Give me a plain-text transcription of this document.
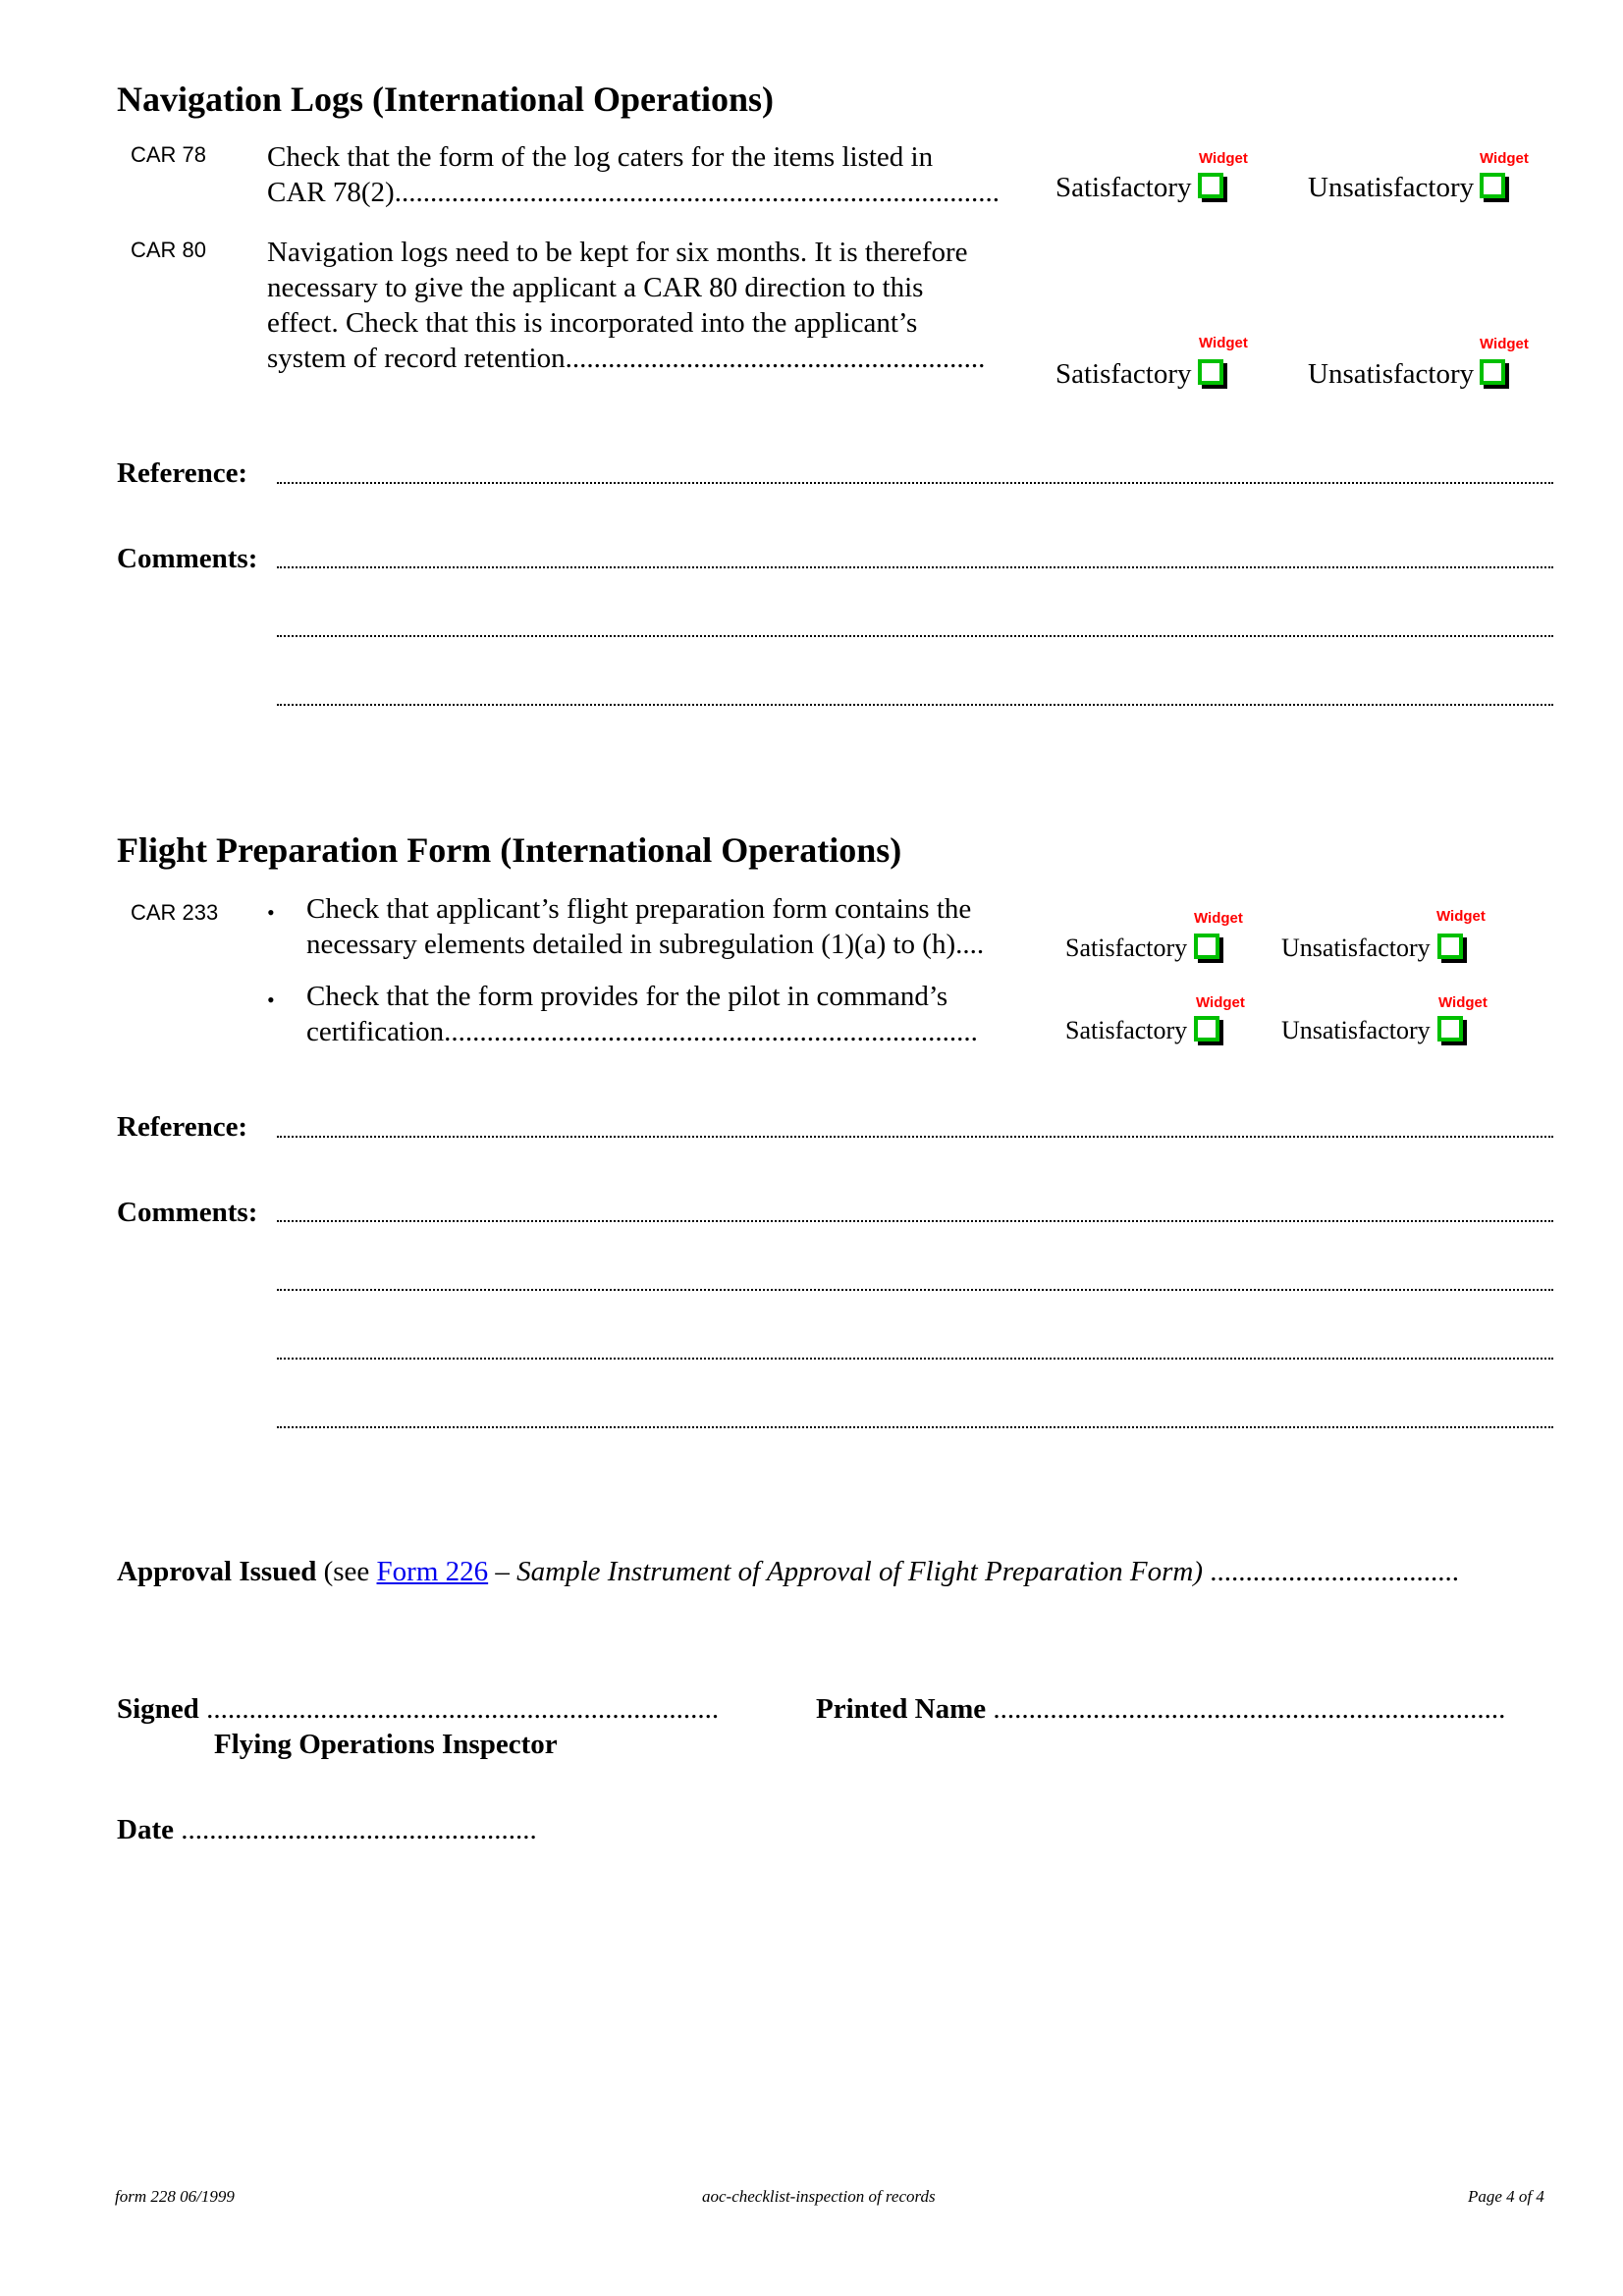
Navigation Logs (International Operations)
CAR 78 Check that the form of the log caters for the items listed in
CAR 78(2).....................................................................................
CAR 80 Navigation logs need to be kept for six months. It is therefore
necessary to give the applicant a CAR 80 direction to this
effect. Check that this is incorporated into the applicant’s
system of record retention...........................................................
Satisfactory
Widget
Unsatisfactory
Widget
Satisfactory
Widget
Unsatisfactory
Widget
Reference:
Comments:
Flight Preparation Form (International Operations)
CAR 233 • Check that applicant’s flight preparation form contains the
necessary elements detailed in subregulation (1)(a) to (h)....
• Check that the form provides for the pilot in command’s
certification...........................................................................
Satisfactory
Widget
Unsatisfactory
Widget
Satisfactory
Widget
Unsatisfactory
Widget
Reference:
Comments:
Approval Issued (see Form 226 – Sample Instrument of Approval of Flight Preparation Form) ...................................
Signed ........................................................................
Flying Operations Inspector
Printed Name ........................................................................
Date ..................................................
form 228 06/1999	aoc-checklist-inspection of records	Page 4 of 4
